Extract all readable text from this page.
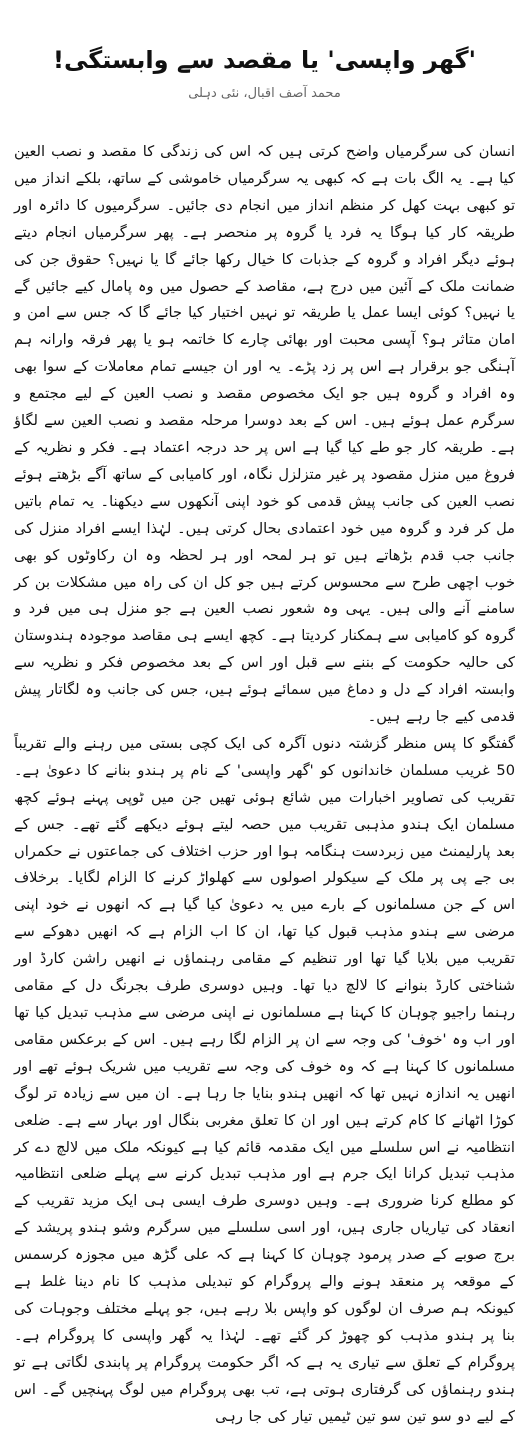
'گھر واپسی' یا مقصد سے وابستگی!

محمد آصف اقبال، نئی دہلی

انسان کی سرگرمیاں واضح کرتی ہیں کہ اس کی زندگی کا مقصد و نصب العین کیا ہے۔ یہ الگ بات ہے کہ کبھی یہ سرگرمیاں خاموشی کے ساتھ، بلکے انداز میں تو کبھی بہت کھل کر منظم انداز میں انجام دی جائیں۔ سرگرمیوں کا دائرہ اور طریقہ کار کیا ہوگا یہ فرد یا گروہ پر منحصر ہے۔ پھر سرگرمیاں انجام دیتے ہوئے دیگر افراد و گروہ کے جذبات کا خیال رکھا جائے گا یا نہیں؟ حقوق جن کی ضمانت ملک کے آئین میں درج ہے، مقاصد کے حصول میں وہ پامال کیے جائیں گے یا نہیں؟ کوئی ایسا عمل یا طریقہ تو نہیں اختیار کیا جائے گا کہ جس سے امن و امان متاثر ہو؟ آپسی محبت اور بھائی چارے کا خاتمہ ہو یا پھر فرقہ وارانہ ہم آہنگی جو برقرار ہے اس پر زد پڑے۔ یہ اور ان جیسے تمام معاملات کے سوا بھی وہ افراد و گروہ ہیں جو ایک مخصوص مقصد و نصب العین کے لیے مجتمع و سرگرم عمل ہوئے ہیں۔ اس کے بعد دوسرا مرحلہ مقصد و نصب العین سے لگاؤ ہے۔ طریقہ کار جو طے کیا گیا ہے اس پر حد درجہ اعتماد ہے۔ فکر و نظریہ کے فروغ میں منزل مقصود پر غیر متزلزل نگاہ، اور کامیابی کے ساتھ آگے بڑھتے ہوئے نصب العین کی جانب پیش قدمی کو خود اپنی آنکھوں سے دیکھنا۔ یہ تمام باتیں مل کر فرد و گروہ میں خود اعتمادی بحال کرتی ہیں۔ لہٰذا ایسے افراد منزل کی جانب جب قدم بڑھاتے ہیں تو ہر لمحہ اور ہر لحظہ وہ ان رکاوٹوں کو بھی خوب اچھی طرح سے محسوس کرتے ہیں جو کل ان کی راہ میں مشکلات بن کر سامنے آنے والی ہیں۔ یہی وہ شعور نصب العین ہے جو منزل ہی میں فرد و گروہ کو کامیابی سے ہمکنار کردیتا ہے۔ کچھ ایسے ہی مقاصد موجودہ ہندوستان کی حالیہ حکومت کے بننے سے قبل اور اس کے بعد مخصوص فکر و نظریہ سے وابستہ افراد کے دل و دماغ میں سمائے ہوئے ہیں، جس کی جانب وہ لگاتار پیش قدمی کیے جا رہے ہیں۔

گفتگو کا پس منظر گزشتہ دنوں آگرہ کی ایک کچی بستی میں رہنے والے تقریباً 50 غریب مسلمان خاندانوں کو 'گھر واپسی' کے نام پر ہندو بنانے کا دعویٰ ہے۔ تقریب کی تصاویر اخبارات میں شائع ہوئی تھیں جن میں ٹوپی پہنے ہوئے کچھ مسلمان ایک ہندو مذہبی تقریب میں حصہ لیتے ہوئے دیکھے گئے تھے۔ جس کے بعد پارلیمنٹ میں زبردست ہنگامہ ہوا اور حزب اختلاف کی جماعتوں نے حکمراں بی جے پی پر ملک کے سیکولر اصولوں سے کھلواڑ کرنے کا الزام لگایا۔ برخلاف اس کے جن مسلمانوں کے بارے میں یہ دعویٰ کیا گیا ہے کہ انھوں نے خود اپنی مرضی سے ہندو مذہب قبول کیا تھا، ان کا اب الزام ہے کہ انھیں دھوکے سے تقریب میں بلایا گیا تھا اور تنظیم کے مقامی رہنماؤں نے انھیں راشن کارڈ اور شناختی کارڈ بنوانے کا لالچ دیا تھا۔ وہیں دوسری طرف بجرنگ دل کے مقامی رہنما راجیو چوہان کا کہنا ہے مسلمانوں نے اپنی مرضی سے مذہب تبدیل کیا تھا اور اب وہ 'خوف' کی وجہ سے ان پر الزام لگا رہے ہیں۔ اس کے برعکس مقامی مسلمانوں کا کہنا ہے کہ وہ خوف کی وجہ سے تقریب میں شریک ہوئے تھے اور انھیں یہ اندازہ نہیں تھا کہ انھیں ہندو بنایا جا رہا ہے۔ ان میں سے زیادہ تر لوگ کوڑا اٹھانے کا کام کرتے ہیں اور ان کا تعلق مغربی بنگال اور بہار سے ہے۔ ضلعی انتظامیہ نے اس سلسلے میں ایک مقدمہ قائم کیا ہے کیونکہ ملک میں لالچ دے کر مذہب تبدیل کرانا ایک جرم ہے اور مذہب تبدیل کرنے سے پہلے ضلعی انتظامیہ کو مطلع کرنا ضروری ہے۔ وہیں دوسری طرف ایسی ہی ایک مزید تقریب کے انعقاد کی تیاریاں جاری ہیں، اور اسی سلسلے میں سرگرم وشو ہندو پریشد کے برج صوبے کے صدر پرمود چوہان کا کہنا ہے کہ علی گڑھ میں مجوزہ کرسمس کے موقعہ پر منعقد ہونے والے پروگرام کو تبدیلی مذہب کا نام دینا غلط ہے کیونکہ ہم صرف ان لوگوں کو واپس بلا رہے ہیں، جو پہلے مختلف وجوہات کی بنا پر ہندو مذہب کو چھوڑ کر گئے تھے۔ لہٰذا یہ گھر واپسی کا پروگرام ہے۔ پروگرام کے تعلق سے تیاری یہ ہے کہ اگر حکومت پروگرام پر پابندی لگاتی ہے تو ہندو رہنماؤں کی گرفتاری ہوتی ہے، تب بھی پروگرام میں لوگ پہنچیں گے۔ اس کے لیے دو سو تین سو تین ٹیمیں تیار کی جا رہی
